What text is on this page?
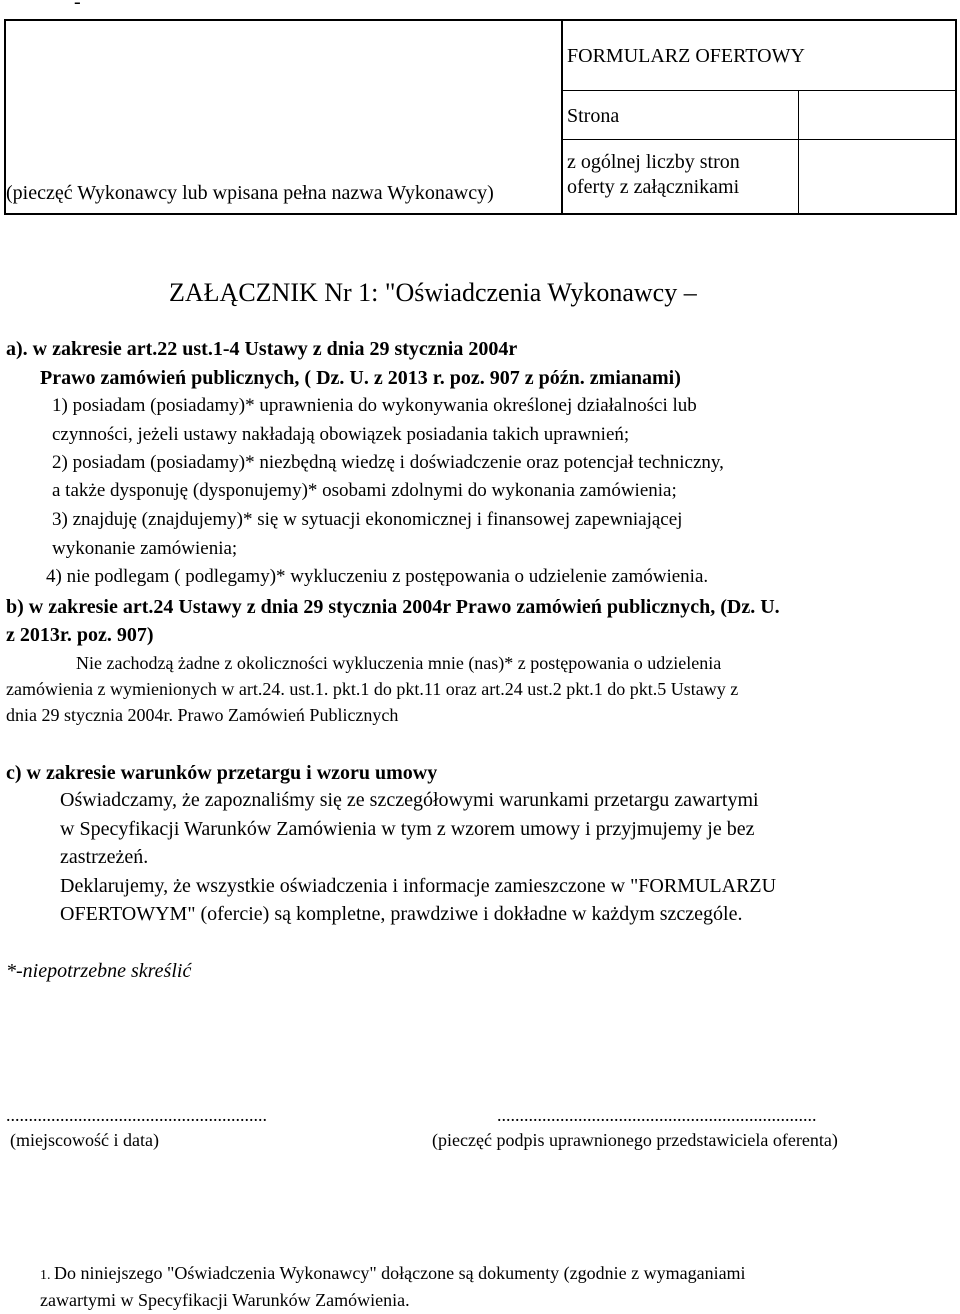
-
FORMULARZ OFERTOWY
Strona
z ogólnej liczby stron
oferty z załącznikami
(pieczęć Wykonawcy lub wpisana pełna nazwa Wykonawcy)
ZAŁĄCZNIK Nr 1: "Oświadczenia Wykonawcy –
a). w zakresie art.22 ust.1-4 Ustawy z dnia 29 stycznia 2004r
Prawo zamówień publicznych, ( Dz. U. z 2013 r. poz. 907 z późn. zmianami)
1) posiadam (posiadamy)* uprawnienia do wykonywania określonej działalności lub
czynności, jeżeli ustawy nakładają obowiązek posiadania takich uprawnień;
2) posiadam (posiadamy)* niezbędną wiedzę i doświadczenie oraz potencjał techniczny,
a także dysponuję (dysponujemy)* osobami zdolnymi do wykonania zamówienia;
3) znajduję (znajdujemy)* się w sytuacji ekonomicznej i finansowej zapewniającej
wykonanie zamówienia;
4) nie podlegam ( podlegamy)* wykluczeniu z postępowania o udzielenie zamówienia.
b) w zakresie art.24 Ustawy z dnia 29 stycznia 2004r Prawo zamówień publicznych, (Dz. U.
z 2013r. poz. 907)
Nie zachodzą żadne z okoliczności wykluczenia mnie (nas)* z postępowania o udzielenia
zamówienia z wymienionych w art.24. ust.1. pkt.1 do pkt.11 oraz art.24 ust.2 pkt.1 do pkt.5 Ustawy z
dnia 29 stycznia 2004r. Prawo Zamówień Publicznych
c) w zakresie warunków przetargu i wzoru umowy
Oświadczamy, że zapoznaliśmy się ze szczegółowymi warunkami przetargu zawartymi
w Specyfikacji Warunków Zamówienia w tym z wzorem umowy i przyjmujemy je bez
zastrzeżeń.
Deklarujemy, że wszystkie oświadczenia i informacje zamieszczone w "FORMULARZU
OFERTOWYM" (ofercie) są kompletne, prawdziwe i dokładne w każdym szczególe.
*-niepotrzebne skreślić
..........................................................
(miejscowość i data)
.......................................................................
(pieczęć podpis uprawnionego przedstawiciela oferenta)
1. Do niniejszego "Oświadczenia Wykonawcy" dołączone są dokumenty (zgodnie z wymaganiami
zawartymi w Specyfikacji Warunków Zamówienia.
